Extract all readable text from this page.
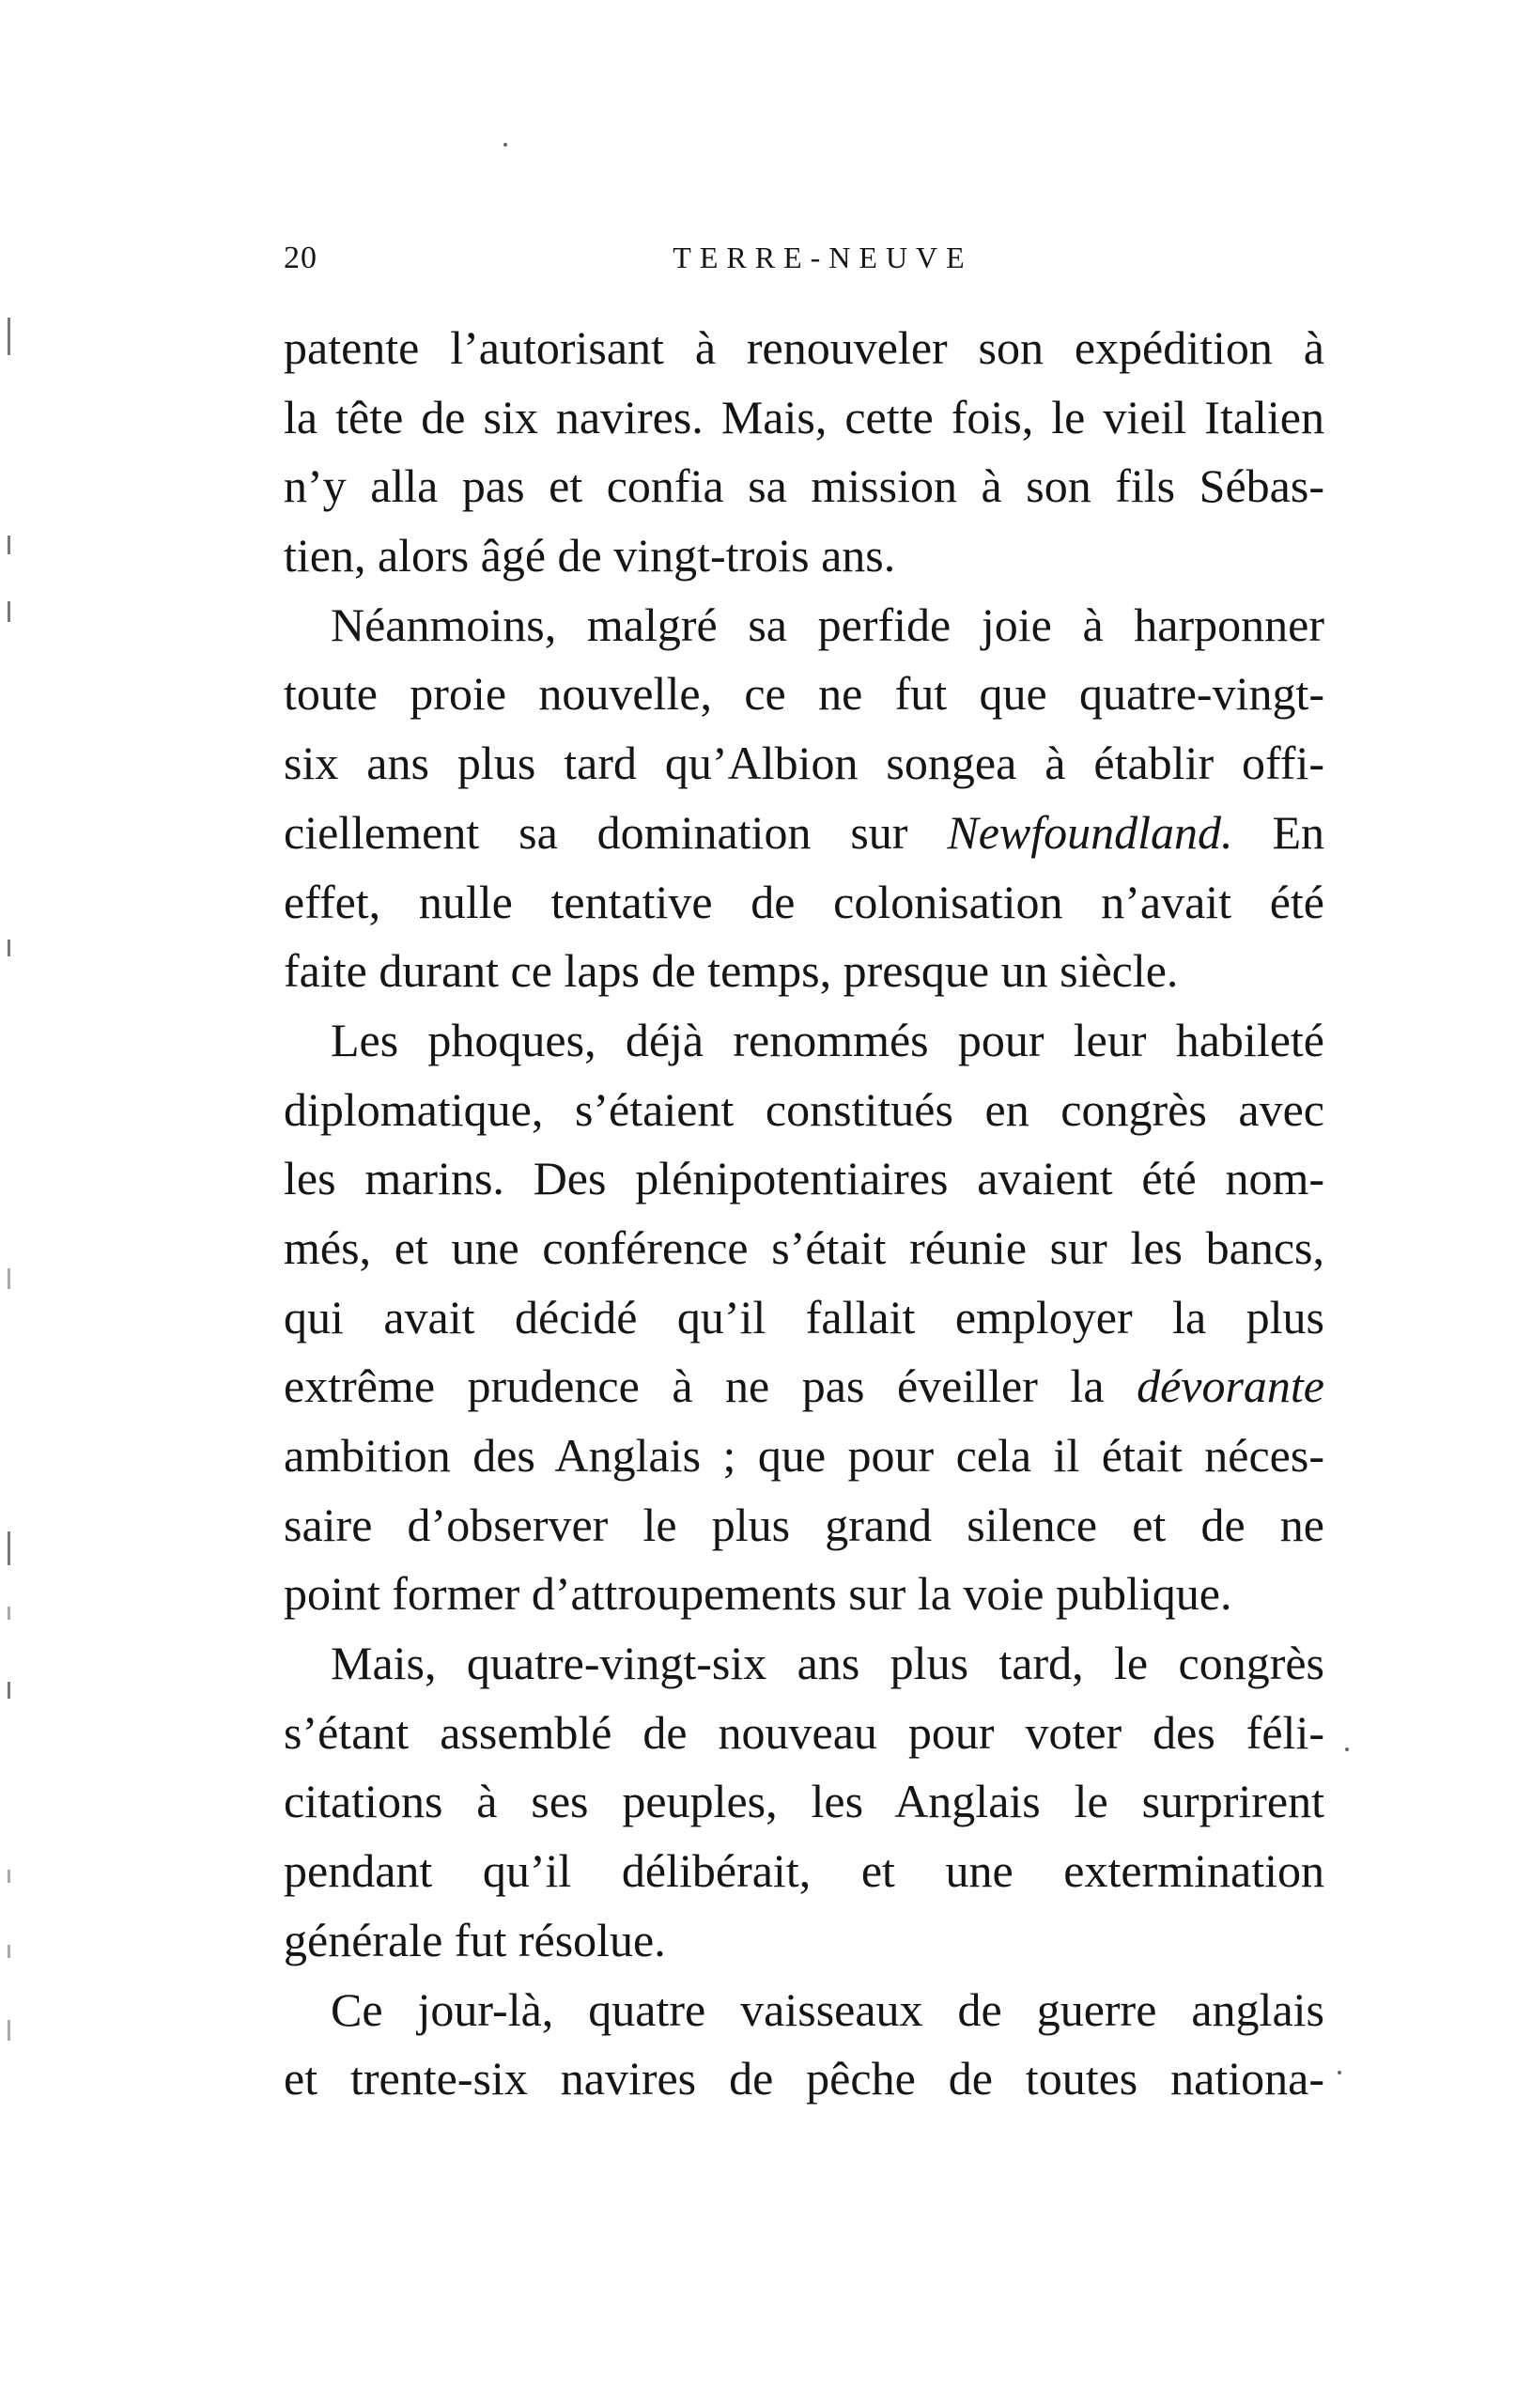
20	TERRE-NEUVE
patente l’autorisant à renouveler son expédition à
la tête de six navires. Mais, cette fois, le vieil Italien
n’y alla pas et confia sa mission à son fils Sébas-
tien, alors âgé de vingt-trois ans.
Néanmoins, malgré sa perfide joie à harponner
toute proie nouvelle, ce ne fut que quatre-vingt-
six ans plus tard qu’Albion songea à établir offi-
ciellement sa domination sur Newfoundland. En
effet, nulle tentative de colonisation n’avait été
faite durant ce laps de temps, presque un siècle.
Les phoques, déjà renommés pour leur habileté
diplomatique, s’étaient constitués en congrès avec
les marins. Des plénipotentiaires avaient été nom-
més, et une conférence s’était réunie sur les bancs,
qui avait décidé qu’il fallait employer la plus
extrême prudence à ne pas éveiller la dévorante
ambition des Anglais ; que pour cela il était néces-
saire d’observer le plus grand silence et de ne
point former d’attroupements sur la voie publique.
Mais, quatre-vingt-six ans plus tard, le congrès
s’étant assemblé de nouveau pour voter des féli-
citations à ses peuples, les Anglais le surprirent
pendant qu’il délibérait, et une extermination
générale fut résolue.
Ce jour-là, quatre vaisseaux de guerre anglais
et trente-six navires de pêche de toutes nationa-
